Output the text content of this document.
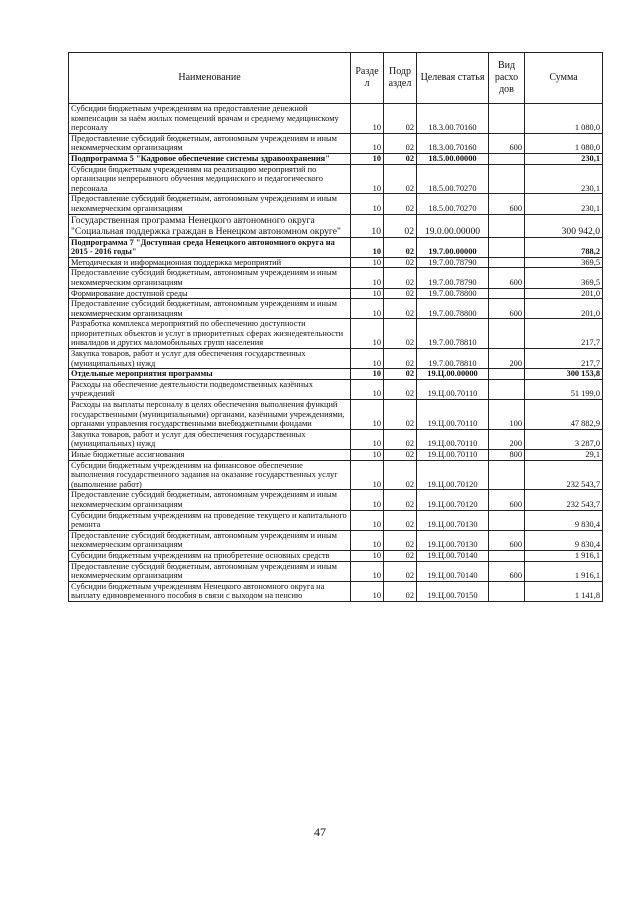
Наименование	Разде л	Подр аздел	Целевая статья	Вид расхо дов	Сумма
Субсидии бюджетным учреждениям на предоставление денежной компенсации за наём жилых помещений врачам и среднему медицинскому персоналу	10	02	18.3.00.70160		1 080,0
Предоставление субсидий бюджетным, автономным учреждениям и иным некоммерческим организациям	10	02	18.3.00.70160	600	1 080,0
Подпрограмма 5 "Кадровое обеспечение системы здравоохранения"	10	02	18.5.00.00000		230,1
Субсидии бюджетным учреждениям на реализацию мероприятий по организации непрерывного обучения медицинского и педагогического персонала	10	02	18.5.00.70270		230,1
Предоставление субсидий бюджетным, автономным учреждениям и иным некоммерческим организациям	10	02	18.5.00.70270	600	230,1
Государственная программа Ненецкого автономного округа "Социальная поддержка граждан в Ненецком автономном округе"	10	02	19.0.00.00000		300 942,0
Подпрограмма 7 "Доступная среда Ненецкого автономного округа на 2015 - 2016 годы"	10	02	19.7.00.00000		788,2
Методическая и информационная поддержка мероприятий	10	02	19.7.00.78790		369,5
Предоставление субсидий бюджетным, автономным учреждениям и иным некоммерческим организациям	10	02	19.7.00.78790	600	369,5
Формирование доступной среды	10	02	19.7.00.78800		201,0
Предоставление субсидий бюджетным, автономным учреждениям и иным некоммерческим организациям	10	02	19.7.00.78800	600	201,0
Разработка комплекса мероприятий по обеспечению доступности приоритетных объектов и услуг в приоритетных сферах жизнедеятельности инвалидов и других маломобильных групп населения	10	02	19.7.00.78810		217,7
Закупка товаров, работ и услуг для обеспечения государственных (муниципальных) нужд	10	02	19.7.00.78810	200	217,7
Отдельные мероприятия программы	10	02	19.Ц.00.00000		300 153,8
Расходы на обеспечение деятельности подведомственных казённых учреждений	10	02	19.Ц.00.70110		51 199,0
Расходы на выплаты персоналу в целях обеспечения выполнения функций государственными (муниципальными) органами, казёнными учреждениями, органами управления государственными внебюджетными фондами	10	02	19.Ц.00.70110	100	47 882,9
Закупка товаров, работ и услуг для обеспечения государственных (муниципальных) нужд	10	02	19.Ц.00.70110	200	3 287,0
Иные бюджетные ассигнования	10	02	19.Ц.00.70110	800	29,1
Субсидии бюджетным учреждениям на финансовое обеспечение выполнения государственного задания на оказание государственных услуг (выполнение работ)	10	02	19.Ц.00.70120		232 543,7
Предоставление субсидий бюджетным, автономным учреждениям и иным некоммерческим организациям	10	02	19.Ц.00.70120	600	232 543,7
Субсидии бюджетным учреждениям на проведение текущего и капитального ремонта	10	02	19.Ц.00.70130		9 830,4
Предоставление субсидий бюджетным, автономным учреждениям и иным некоммерческим организациям	10	02	19.Ц.00.70130	600	9 830,4
Субсидии бюджетным учреждениям на приобретение основных средств	10	02	19.Ц.00.70140		1 916,1
Предоставление субсидий бюджетным, автономным учреждениям и иным некоммерческим организациям	10	02	19.Ц.00.70140	600	1 916,1
Субсидии бюджетным учреждениям Ненецкого автономного округа на выплату единовременного пособия в связи с выходом на пенсию	10	02	19.Ц.00.70150		1 141,8
47
